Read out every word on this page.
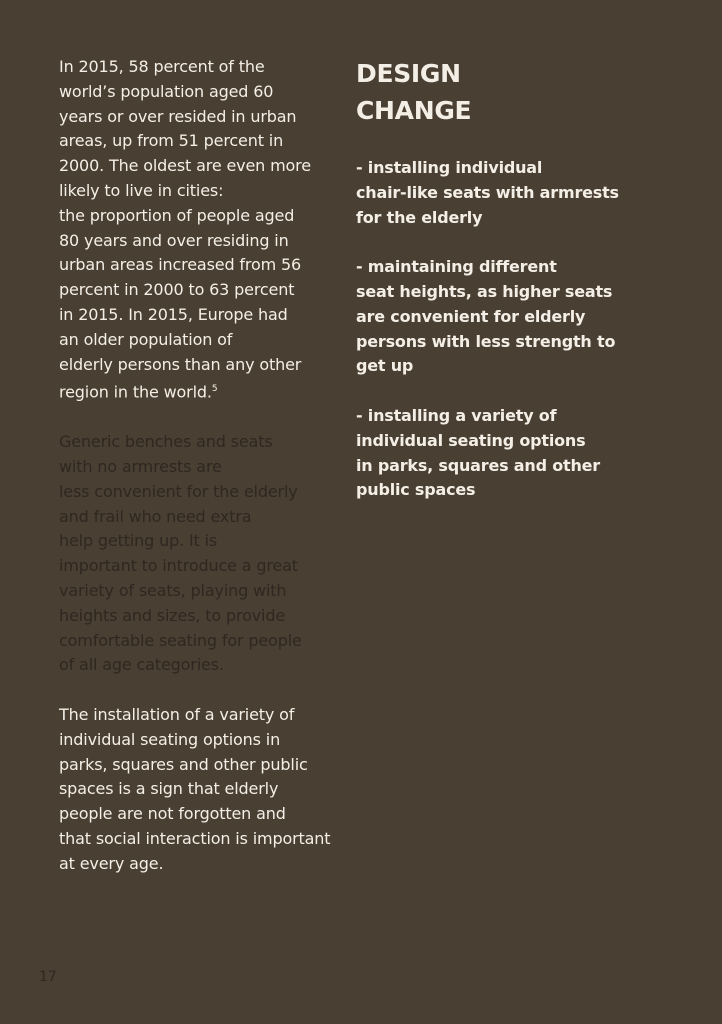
In 2015, 58 percent of the
world’s population aged 60
years or over resided in urban
areas, up from 51 percent in
2000. The oldest are even more
likely to live in cities:
the proportion of people aged
80 years and over residing in
urban areas increased from 56
percent in 2000 to 63 percent
in 2015. In 2015, Europe had
an older population of
elderly persons than any other
region in the world.$^5$

Generic benches and seats
with no armrests are
less convenient for the elderly
and frail who need extra
help getting up. It is
important to introduce a great
variety of seats, playing with
heights and sizes, to provide
comfortable seating for people
of all age categories.

The installation of a variety of
individual seating options in
parks, squares and other public
spaces is a sign that elderly
people are not forgotten and
that social interaction is important
at every age.

DESIGN
CHANGE

- installing individual
chair-like seats with armrests
for the elderly

- maintaining different
seat heights, as higher seats
are convenient for elderly
persons with less strength to
get up

- installing a variety of
individual seating options
in parks, squares and other
public spaces

17
